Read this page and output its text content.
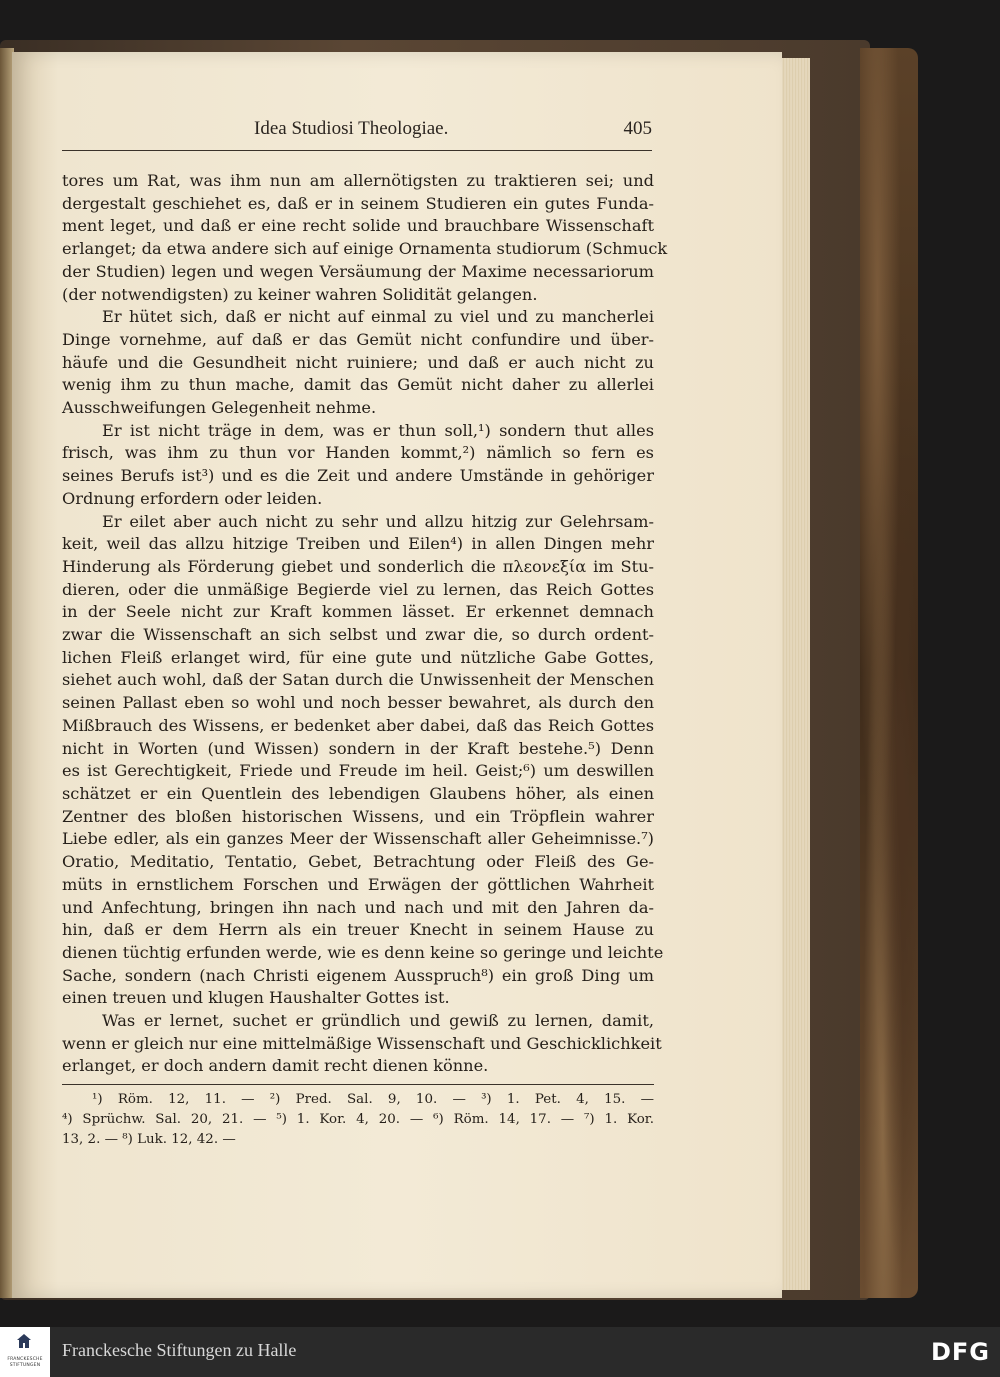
Idea Studiosi Theologiae.	405
tores um Rat, was ihm nun am allernötigsten zu traktieren sei; und
dergestalt geschiehet es, daß er in seinem Studieren ein gutes Funda-
ment leget, und daß er eine recht solide und brauchbare Wissenschaft
erlanget; da etwa andere sich auf einige Ornamenta studiorum (Schmuck
der Studien) legen und wegen Versäumung der Maxime necessariorum
(der notwendigsten) zu keiner wahren Solidität gelangen.
Er hütet sich, daß er nicht auf einmal zu viel und zu mancherlei
Dinge vornehme, auf daß er das Gemüt nicht confundire und über-
häufe und die Gesundheit nicht ruiniere; und daß er auch nicht zu
wenig ihm zu thun mache, damit das Gemüt nicht daher zu allerlei
Ausschweifungen Gelegenheit nehme.
Er ist nicht träge in dem, was er thun soll,¹) sondern thut alles
frisch, was ihm zu thun vor Handen kommt,²) nämlich so fern es
seines Berufs ist³) und es die Zeit und andere Umstände in gehöriger
Ordnung erfordern oder leiden.
Er eilet aber auch nicht zu sehr und allzu hitzig zur Gelehrsam-
keit, weil das allzu hitzige Treiben und Eilen⁴) in allen Dingen mehr
Hinderung als Förderung giebet und sonderlich die πλεονεξία im Stu-
dieren, oder die unmäßige Begierde viel zu lernen, das Reich Gottes
in der Seele nicht zur Kraft kommen lässet. Er erkennet demnach
zwar die Wissenschaft an sich selbst und zwar die, so durch ordent-
lichen Fleiß erlanget wird, für eine gute und nützliche Gabe Gottes,
siehet auch wohl, daß der Satan durch die Unwissenheit der Menschen
seinen Pallast eben so wohl und noch besser bewahret, als durch den
Mißbrauch des Wissens, er bedenket aber dabei, daß das Reich Gottes
nicht in Worten (und Wissen) sondern in der Kraft bestehe.⁵) Denn
es ist Gerechtigkeit, Friede und Freude im heil. Geist;⁶) um deswillen
schätzet er ein Quentlein des lebendigen Glaubens höher, als einen
Zentner des bloßen historischen Wissens, und ein Tröpflein wahrer
Liebe edler, als ein ganzes Meer der Wissenschaft aller Geheimnisse.⁷)
Oratio, Meditatio, Tentatio, Gebet, Betrachtung oder Fleiß des Ge-
müts in ernstlichem Forschen und Erwägen der göttlichen Wahrheit
und Anfechtung, bringen ihn nach und nach und mit den Jahren da-
hin, daß er dem Herrn als ein treuer Knecht in seinem Hause zu
dienen tüchtig erfunden werde, wie es denn keine so geringe und leichte
Sache, sondern (nach Christi eigenem Ausspruch⁸) ein groß Ding um
einen treuen und klugen Haushalter Gottes ist.
Was er lernet, suchet er gründlich und gewiß zu lernen, damit,
wenn er gleich nur eine mittelmäßige Wissenschaft und Geschicklichkeit
erlanget, er doch andern damit recht dienen könne.
¹) Röm. 12, 11. — ²) Pred. Sal. 9, 10. — ³) 1. Pet. 4, 15. —
⁴) Sprüchw. Sal. 20, 21. — ⁵) 1. Kor. 4, 20. — ⁶) Röm. 14, 17. — ⁷) 1. Kor.
13, 2. — ⁸) Luk. 12, 42. —
FRANCKESCHE
STIFTUNGEN
Franckesche Stiftungen zu Halle	DFG
